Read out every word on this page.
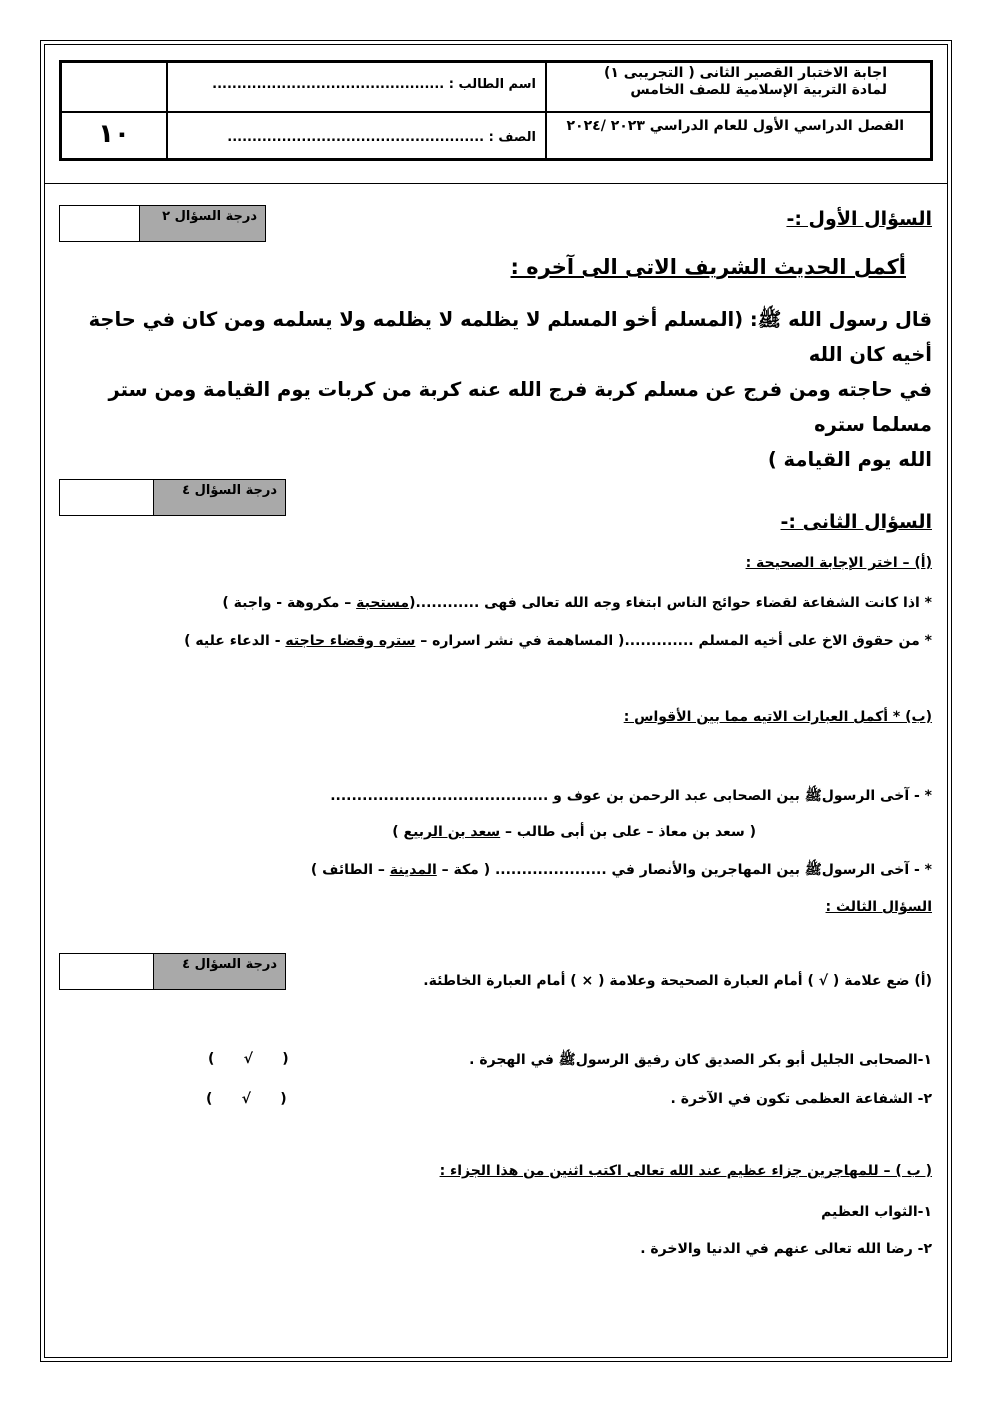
اجابة الاختبار القصير الثانى ( التجريبى ١)
لمادة التربية الإسلامية للصف الخامس
الفصل الدراسي الأول للعام الدراسي ٢٠٢٣ /٢٠٢٤
اسم الطالب : ...............................................
الصف : ....................................................
١٠
درجة السؤال ٢	السؤال الأول :-
أكمل الحديث الشريف الاتى الى آخره :
قال رسول الله ﷺ: (المسلم أخو المسلم لا يظلمه لا يظلمه ولا يسلمه ومن كان في حاجة أخيه كان الله
في حاجته ومن فرج عن مسلم كربة فرج الله عنه كربة من كربات يوم القيامة ومن ستر مسلما ستره
الله يوم القيامة )
درجة السؤال ٤
السؤال الثانى :-
(أ) – اختر الإجابة الصحيحة :
* اذا كانت الشفاعة لقضاء حوائج الناس ابتغاء وجه الله تعالى فهى ............(مستحبة – مكروهة - واجبة )
* من حقوق الاخ على أخيه المسلم .............( المساهمة في نشر اسراره – ستره وقضاء حاجته - الدعاء عليه )
(ب) * أكمل العبارات الاتيه مما بين الأقواس :
* - آخى الرسولﷺ بين الصحابى عبد الرحمن بن عوف و .........................................
( سعد بن معاذ – على بن أبى طالب – سعد بن الربيع )
* - آخى الرسولﷺ بين المهاجرين والأنصار في ..................... ( مكة – المدينة – الطائف )
السؤال الثالث :
درجة السؤال ٤
(أ) ضع علامة ( √ ) أمام العبارة الصحيحة وعلامة ( × ) أمام العبارة الخاطئة.
١-الصحابى الجليل أبو بكر الصديق كان رفيق الرسولﷺ في الهجرة .
(      √      )
٢- الشفاعة العظمى تكون في الآخرة .
(      √      )
( ب ) – للمهاجرين جزاء عظيم عند الله تعالى اكتب اثنين من هذا الجزاء :
١-الثواب العظيم
٢- رضا الله تعالى عنهم في الدنيا والاخرة .
